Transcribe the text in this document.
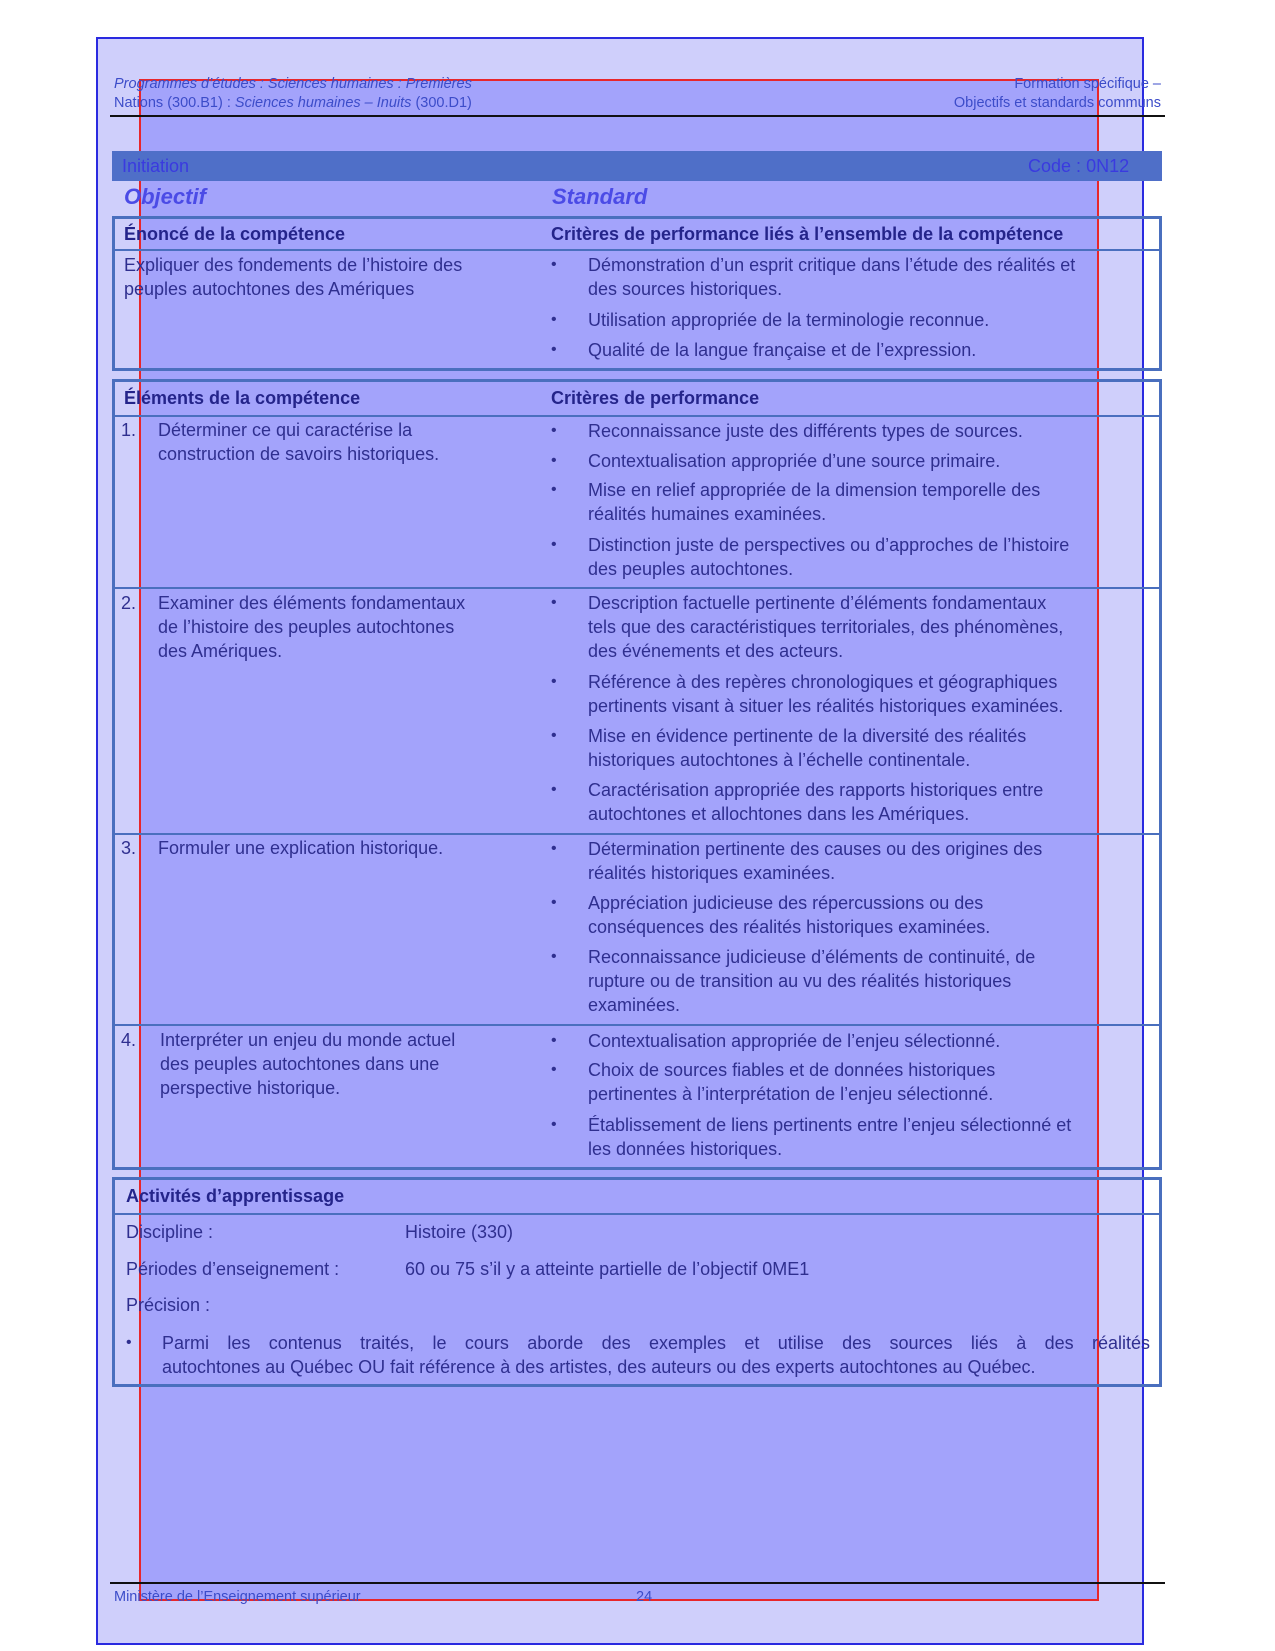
Programmes d’études : Sciences humaines : Premières
Nations (300.B1) : Sciences humaines – Inuits (300.D1)
Formation spécifique –
Objectifs et standards communs
Initiation	Code : 0N12
Objectif	Standard
Énoncé de la compétence	Critères de performance liés à l’ensemble de la compétence
Expliquer des fondements de l’histoire des
peuples autochtones des Amériques
• Démonstration d’un esprit critique dans l’étude des réalités et
des sources historiques.
• Utilisation appropriée de la terminologie reconnue.
• Qualité de la langue française et de l’expression.
Éléments de la compétence	Critères de performance
1. Déterminer ce qui caractérise la
construction de savoirs historiques.
• Reconnaissance juste des différents types de sources.
• Contextualisation appropriée d’une source primaire.
• Mise en relief appropriée de la dimension temporelle des
réalités humaines examinées.
• Distinction juste de perspectives ou d’approches de l’histoire
des peuples autochtones.
2. Examiner des éléments fondamentaux
de l’histoire des peuples autochtones
des Amériques.
• Description factuelle pertinente d’éléments fondamentaux
tels que des caractéristiques territoriales, des phénomènes,
des événements et des acteurs.
• Référence à des repères chronologiques et géographiques
pertinents visant à situer les réalités historiques examinées.
• Mise en évidence pertinente de la diversité des réalités
historiques autochtones à l’échelle continentale.
• Caractérisation appropriée des rapports historiques entre
autochtones et allochtones dans les Amériques.
3. Formuler une explication historique.	• Détermination pertinente des causes ou des origines des
réalités historiques examinées.
• Appréciation judicieuse des répercussions ou des
conséquences des réalités historiques examinées.
• Reconnaissance judicieuse d’éléments de continuité, de
rupture ou de transition au vu des réalités historiques
examinées.
4. Interpréter un enjeu du monde actuel
des peuples autochtones dans une
perspective historique.
• Contextualisation appropriée de l’enjeu sélectionné.
• Choix de sources fiables et de données historiques
pertinentes à l’interprétation de l’enjeu sélectionné.
• Établissement de liens pertinents entre l’enjeu sélectionné et
les données historiques.
Activités d’apprentissage
Discipline :	Histoire (330)
Périodes d’enseignement :	60 ou 75 s’il y a atteinte partielle de l’objectif 0ME1
Précision :
• Parmi les contenus traités, le cours aborde des exemples et utilise des sources liés à des réalités
autochtones au Québec OU fait référence à des artistes, des auteurs ou des experts autochtones au Québec.
Ministère de l’Enseignement supérieur	24
